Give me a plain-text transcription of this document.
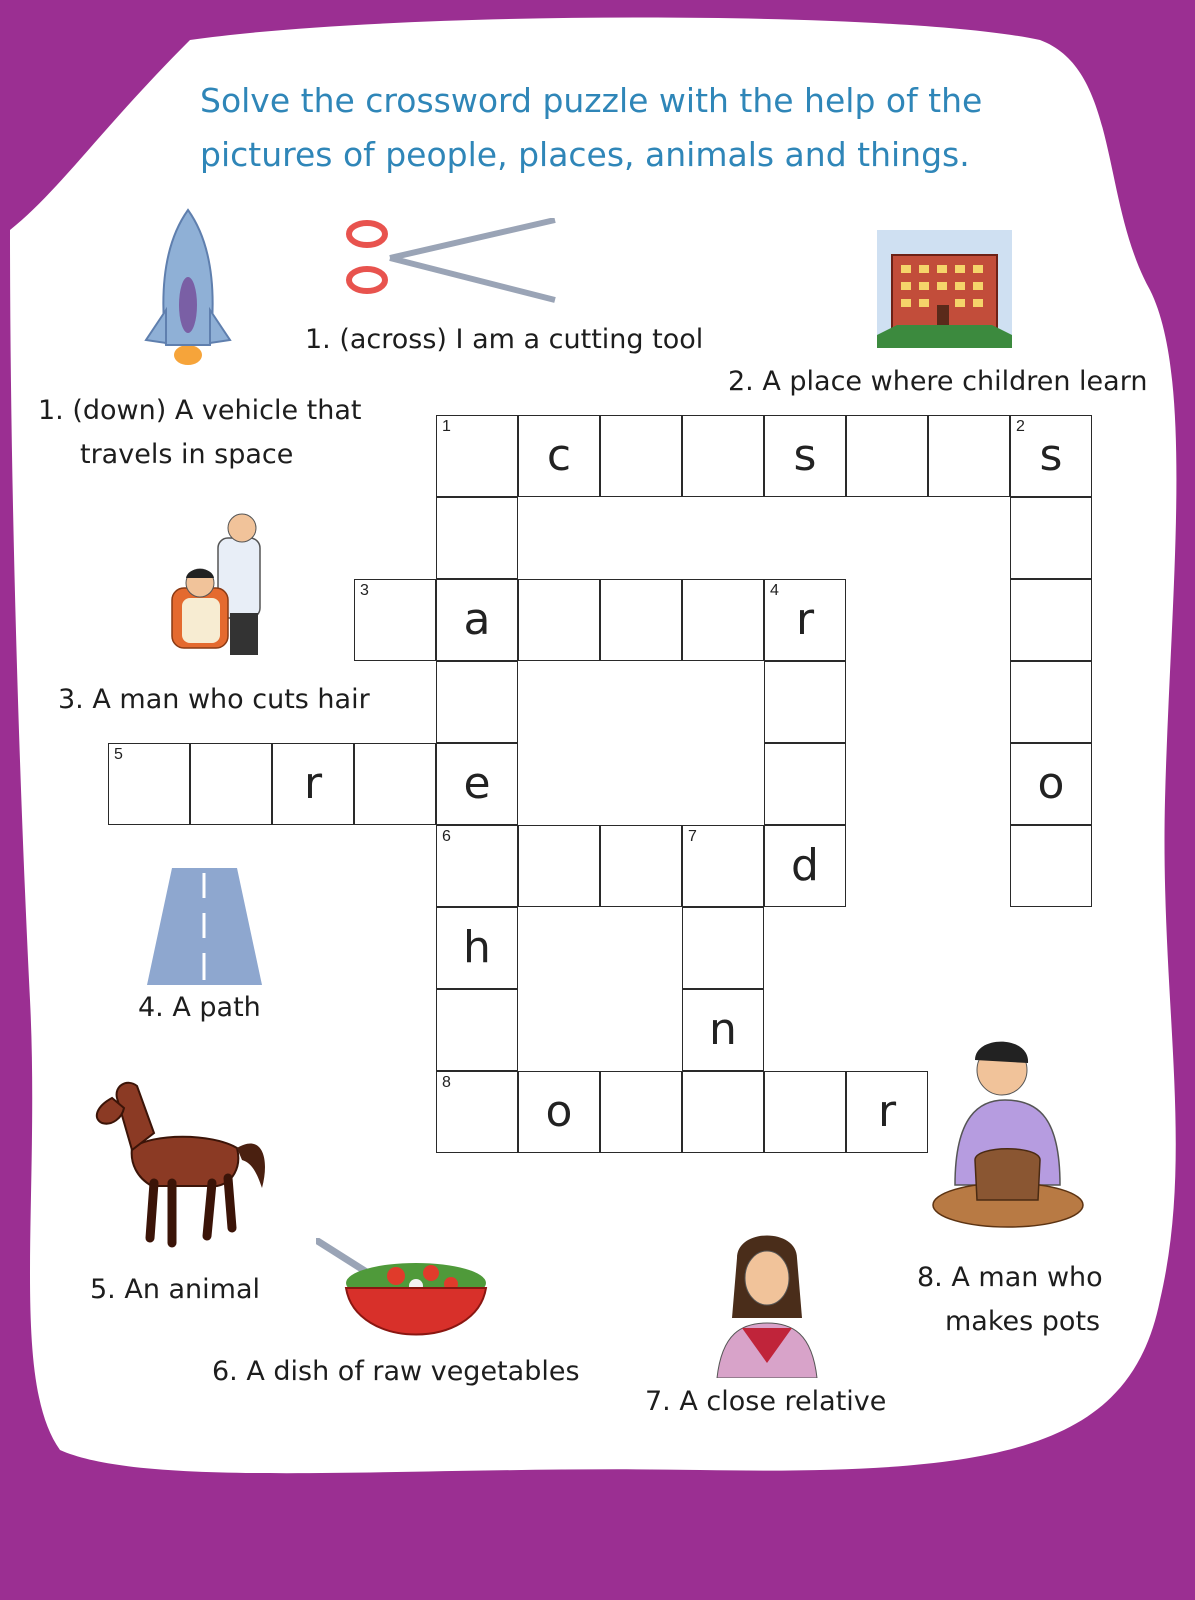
Solve the crossword puzzle with the help of the pictures of people, places, animals and things.
1. (across) I am a cutting tool
2. A place where children learn
1. (down) A vehicle that
travels in space
3. A man who cuts hair
4. A path
5. An animal
6. A dish of raw vegetables
7. A close relative
8. A man who
makes pots
1
c	s
2
s
3
a
4
r
5
r	e	o
6	7
d
h
n
8
o	r
